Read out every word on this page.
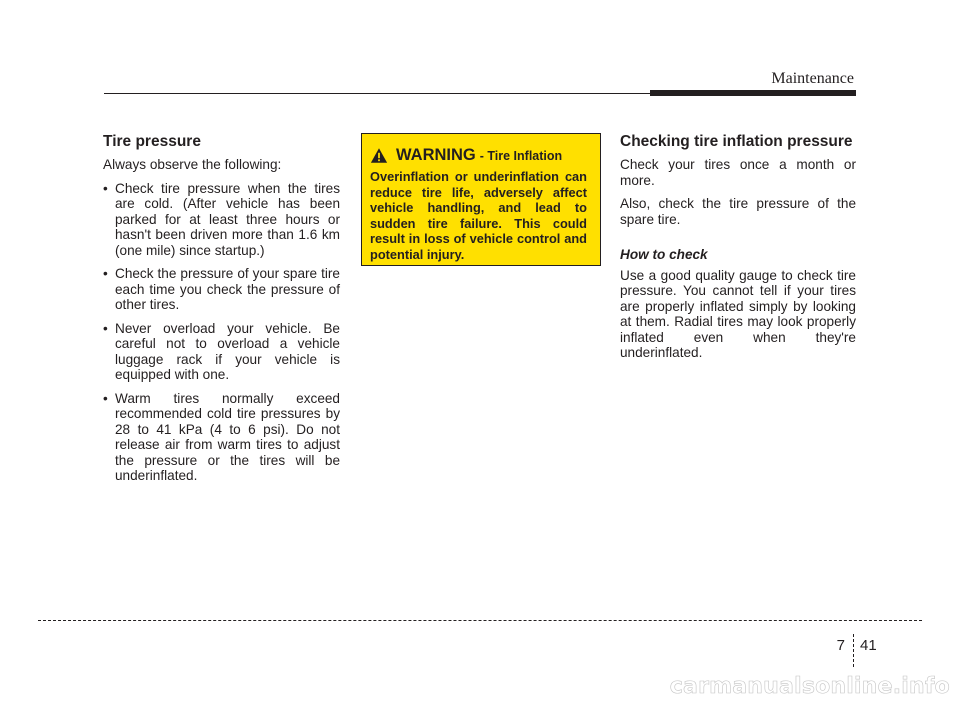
Maintenance
Tire pressure

Always observe the following:

• Check tire pressure when the tires are cold. (After vehicle has been parked for at least three hours or hasn't been driven more than 1.6 km (one mile) since startup.)
• Check the pressure of your spare tire each time you check the pressure of other tires.
• Never overload your vehicle. Be careful not to overload a vehicle luggage rack if your vehicle is equipped with one.
• Warm tires normally exceed recommended cold tire pressures by 28 to 41 kPa (4 to 6 psi). Do not release air from warm tires to adjust the pressure or the tires will be underinflated.
WARNING - Tire Inflation
Overinflation or underinflation can reduce tire life, adversely affect vehicle handling, and lead to sudden tire failure. This could result in loss of vehicle control and potential injury.
Checking tire inflation pressure

Check your tires once a month or more.

Also, check the tire pressure of the spare tire.

How to check

Use a good quality gauge to check tire pressure. You cannot tell if your tires are properly inflated simply by looking at them. Radial tires may look properly inflated even when they're underinflated.

7 41
carmanualsonline.info
